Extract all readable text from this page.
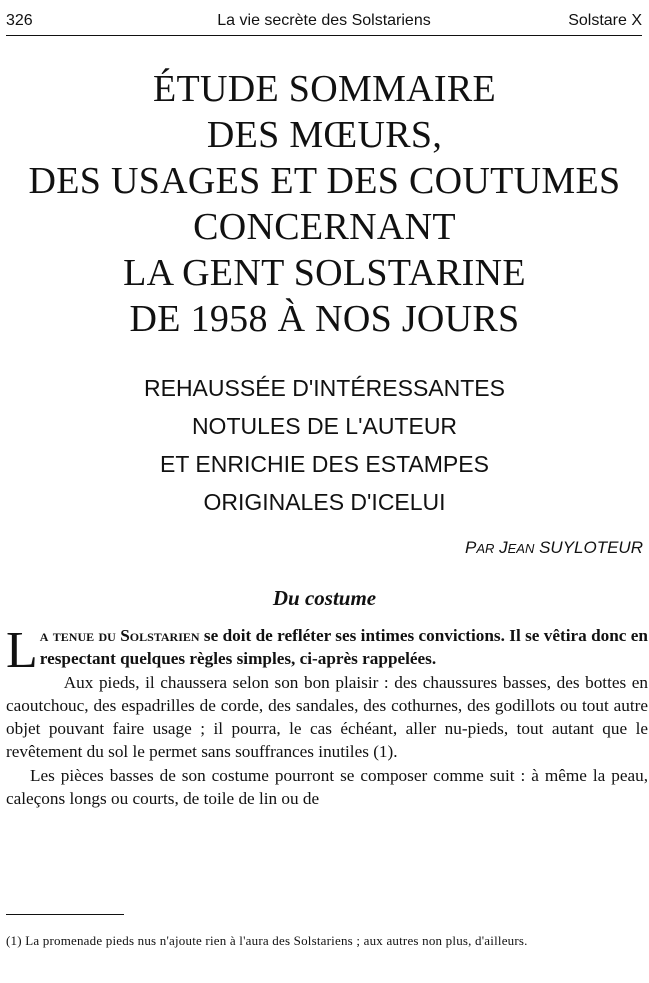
326	La vie secrète des Solstariens	Solstare X
ÉTUDE SOMMAIRE
DES MŒURS,
DES USAGES ET DES COUTUMES
CONCERNANT
LA GENT SOLSTARINE
DE 1958 À NOS JOURS
REHAUSSÉE D'INTÉRESSANTES
NOTULES DE L'AUTEUR
ET ENRICHIE DES ESTAMPES
ORIGINALES D'ICELUI
PAR JEAN SUYLOTEUR
Du costume

La tenue du Solstarien se doit de refléter ses intimes convictions. Il se vêtira donc en respectant quelques règles simples, ci-après rappelées.

Aux pieds, il chaussera selon son bon plaisir : des chaussures basses, des bottes en caoutchouc, des espadrilles de corde, des sandales, des cothurnes, des godillots ou tout autre objet pouvant faire usage ; il pourra, le cas échéant, aller nu-pieds, tout autant que le revêtement du sol le permet sans souffrances inutiles (1).

Les pièces basses de son costume pourront se composer comme suit : à même la peau, caleçons longs ou courts, de toile de lin ou de

(1) La promenade pieds nus n'ajoute rien à l'aura des Solstariens ; aux autres non plus, d'ailleurs.
